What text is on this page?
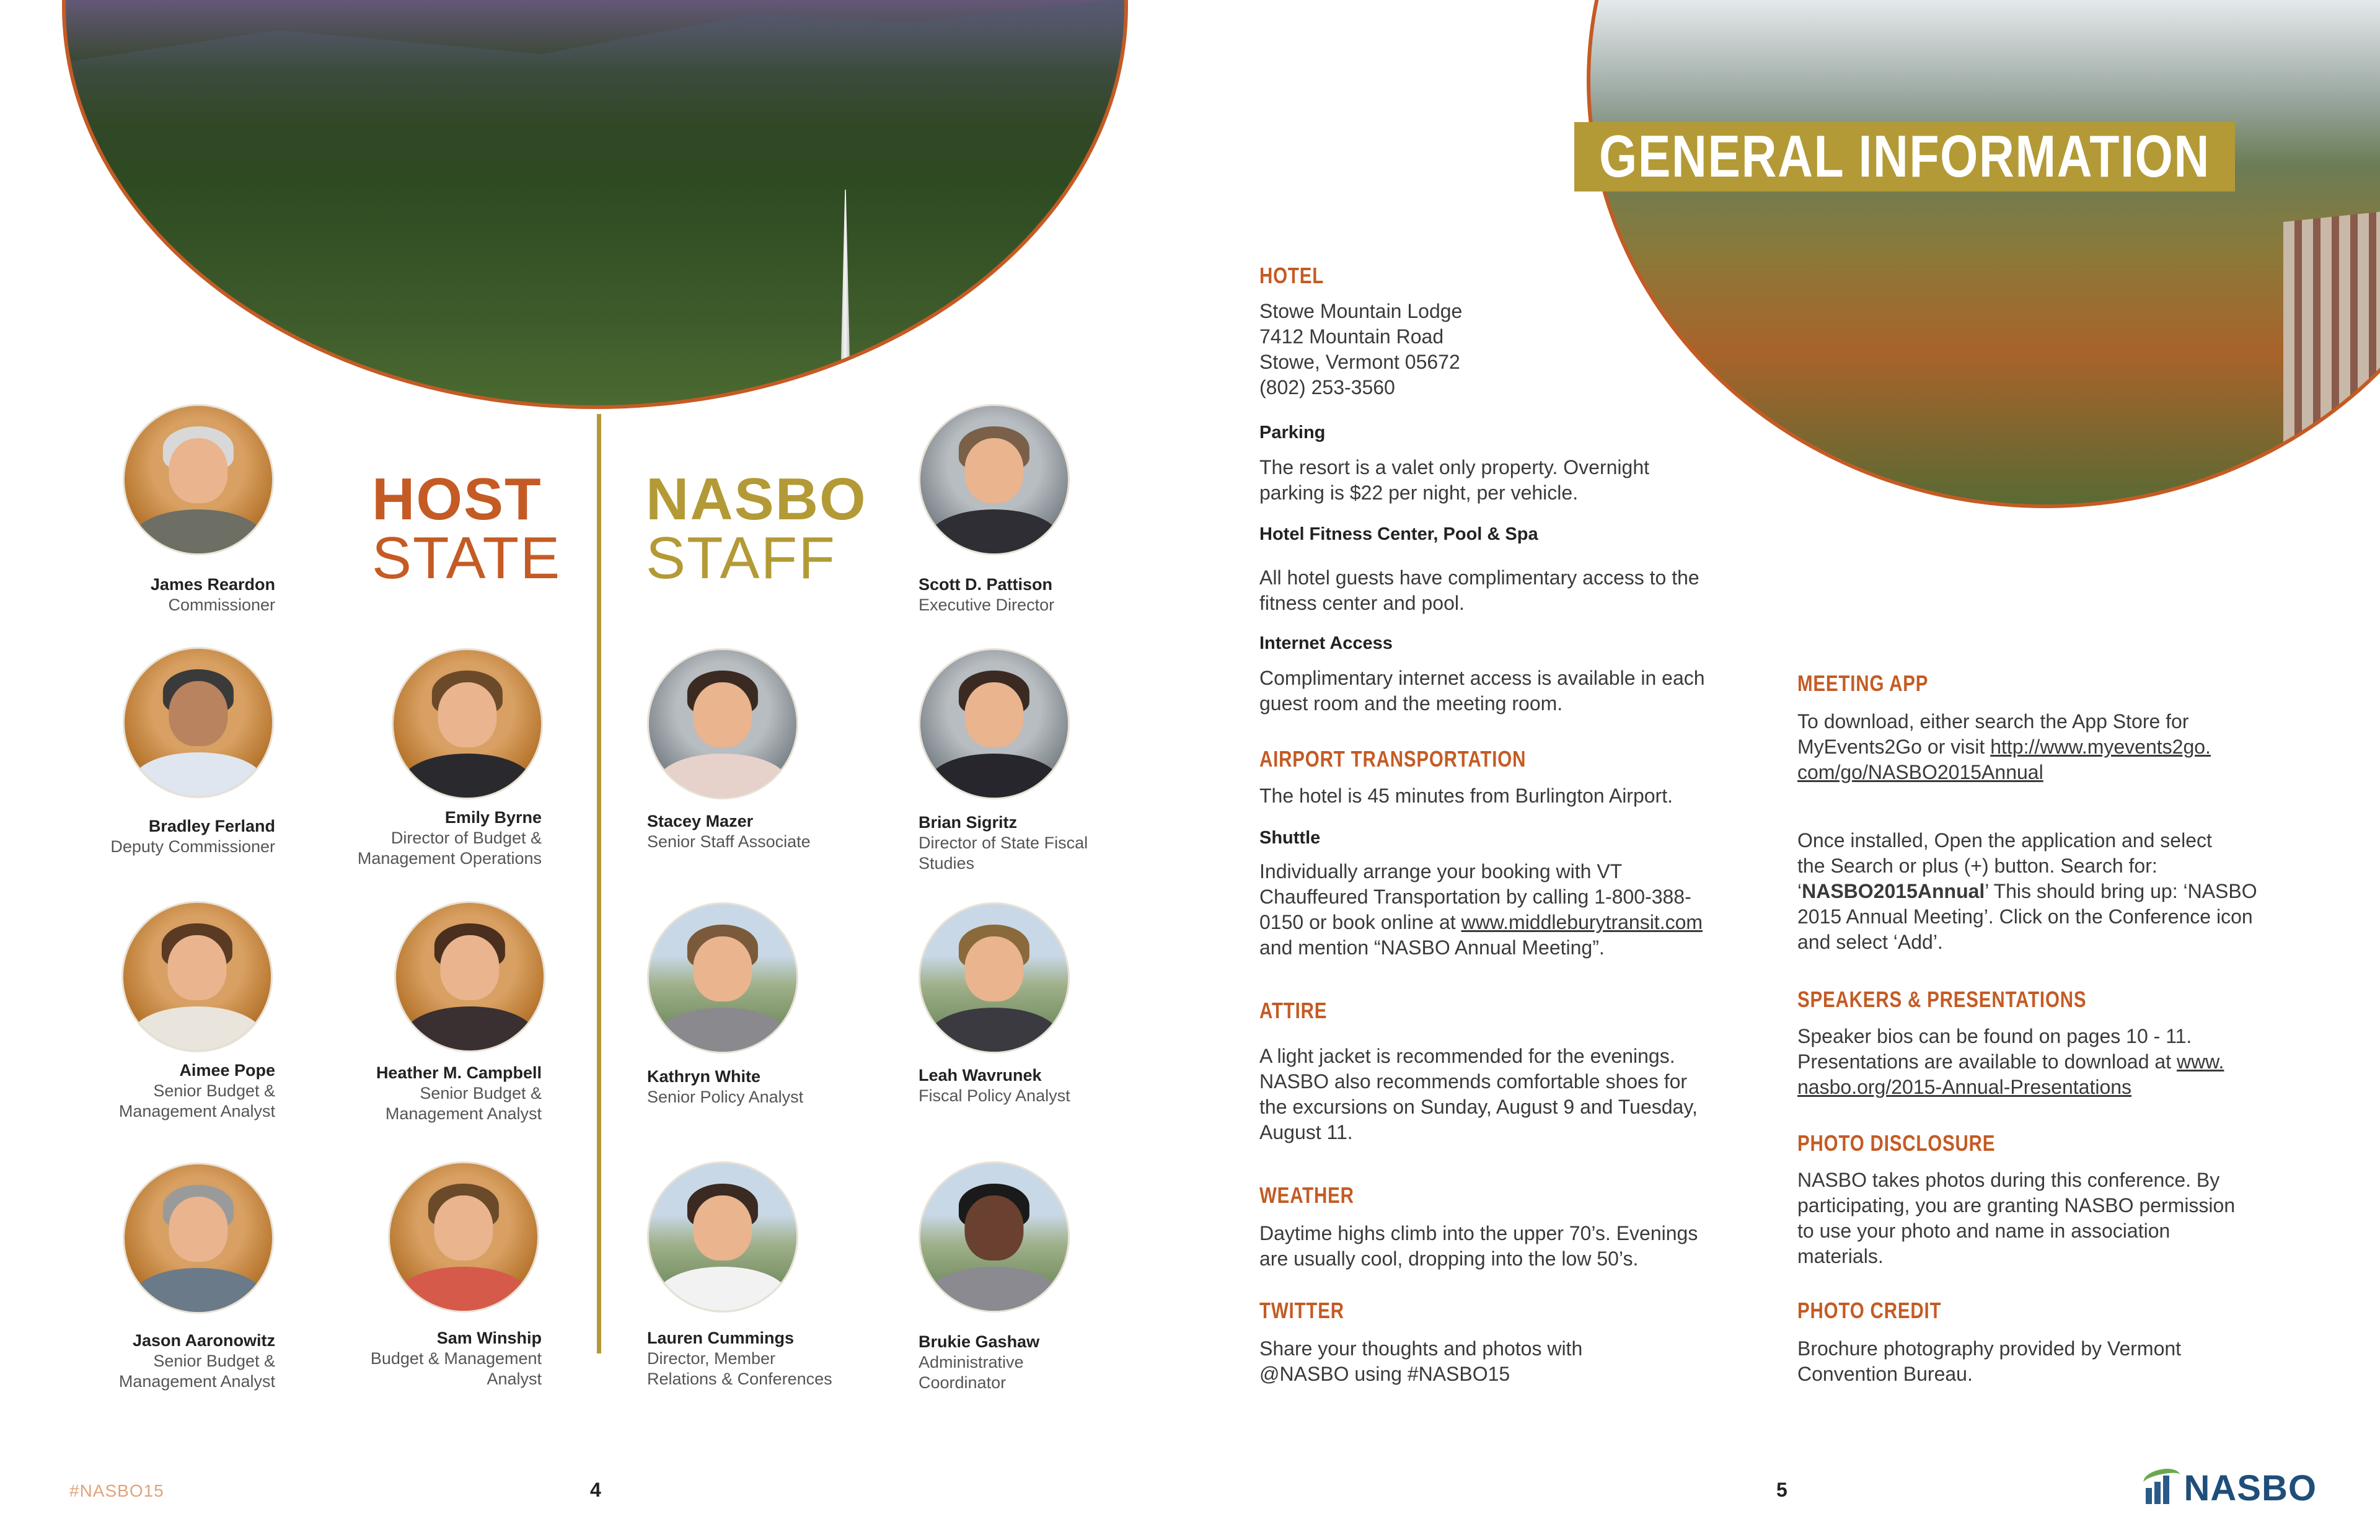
GENERAL INFORMATION
HOST
STATE
NASBO
STAFF
James Reardon
Commissioner
Bradley Ferland
Deputy Commissioner
Aimee Pope
Senior Budget &
Management Analyst
Jason Aaronowitz
Senior Budget &
Management Analyst
Emily Byrne
Director of Budget &
Management Operations
Heather M. Campbell
Senior Budget &
Management Analyst
Sam Winship
Budget & Management
Analyst
Stacey Mazer
Senior Staff Associate
Kathryn White
Senior Policy Analyst
Lauren Cummings
Director, Member
Relations & Conferences
Scott D. Pattison
Executive Director
Brian Sigritz
Director of State Fiscal
Studies
Leah Wavrunek
Fiscal Policy Analyst
Brukie Gashaw
Administrative
Coordinator
HOTEL

Stowe Mountain Lodge

7412 Mountain Road

Stowe, Vermont 05672

(802) 253-3560

Parking

The resort is a valet only property. Overnight

parking is $22 per night, per vehicle.

Hotel Fitness Center, Pool & Spa

All hotel guests have complimentary access to the

fitness center and pool.

Internet Access

Complimentary internet access is available in each

guest room and the meeting room.

AIRPORT TRANSPORTATION

The hotel is 45 minutes from Burlington Airport.

Shuttle

Individually arrange your booking with VT

Chauffeured Transportation by calling 1-800-388-

0150 or book online at www.middleburytransit.com

and mention “NASBO Annual Meeting”.

ATTIRE

A light jacket is recommended for the evenings.

NASBO also recommends comfortable shoes for

the excursions on Sunday, August 9 and Tuesday,

August 11.

WEATHER

Daytime highs climb into the upper 70’s. Evenings

are usually cool, dropping into the low 50’s.

TWITTER

Share your thoughts and photos with

@NASBO using #NASBO15

MEETING APP

To download, either search the App Store for

MyEvents2Go or visit http://www.myevents2go.

com/go/NASBO2015Annual

Once installed, Open the application and select

the Search or plus (+) button. Search for:

‘NASBO2015Annual’ This should bring up: ‘NASBO

2015 Annual Meeting’. Click on the Conference icon

and select ‘Add’.

SPEAKERS & PRESENTATIONS

Speaker bios can be found on pages 10 - 11.

Presentations are available to download at www.

nasbo.org/2015-Annual-Presentations

PHOTO DISCLOSURE

NASBO takes photos during this conference. By

participating, you are granting NASBO permission

to use your photo and name in association

materials.

PHOTO CREDIT

Brochure photography provided by Vermont

Convention Bureau.

#NASBO15	4	5	NASBO
